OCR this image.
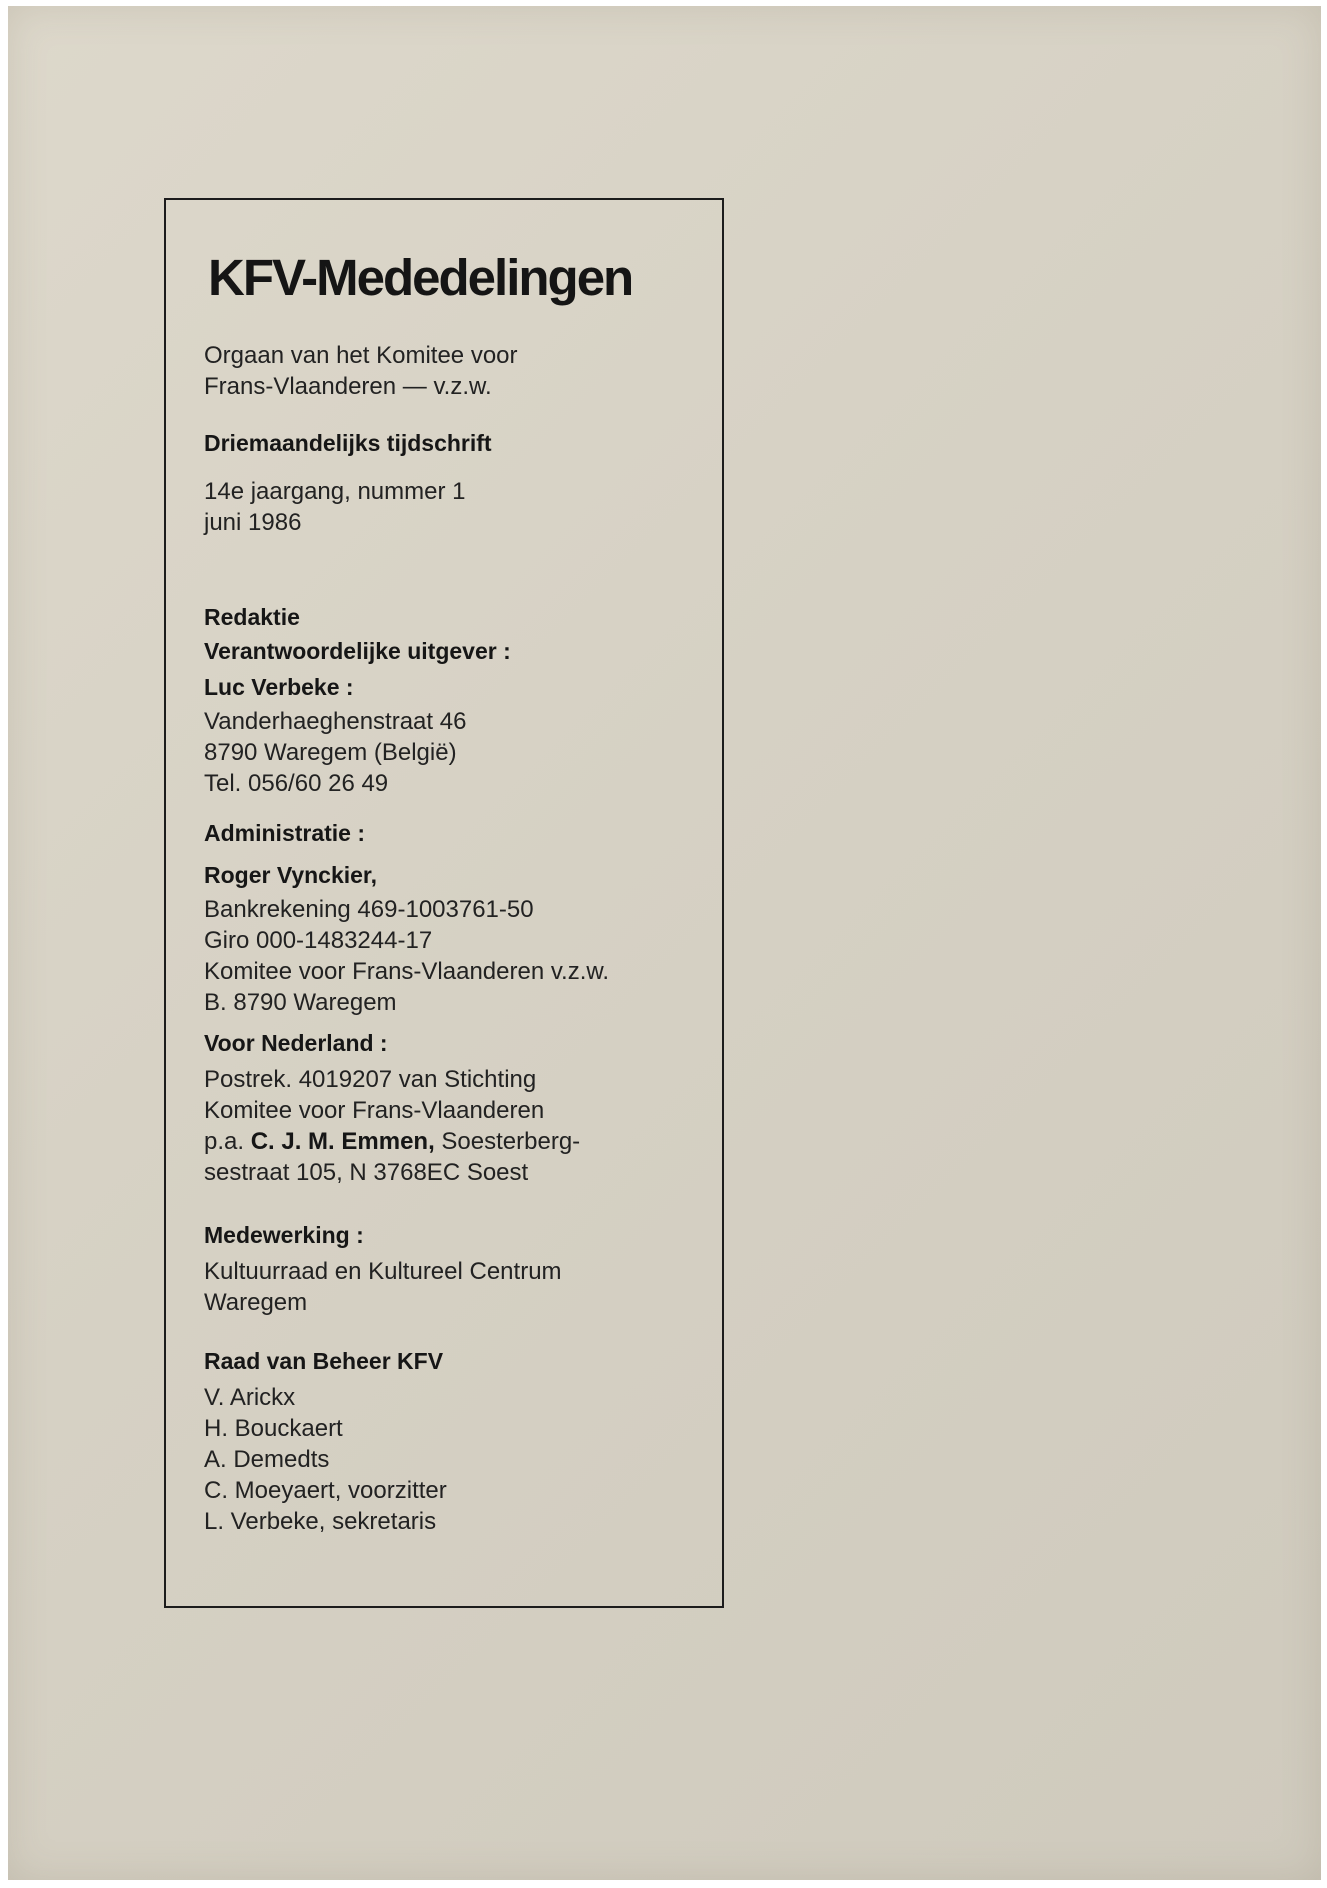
KFV-Mededelingen
Orgaan van het Komitee voor
Frans-Vlaanderen — v.z.w.
Driemaandelijks tijdschrift
14e jaargang, nummer 1
juni 1986
Redaktie
Verantwoordelijke uitgever :
Luc Verbeke :
Vanderhaeghenstraat 46
8790 Waregem (België)
Tel. 056/60 26 49
Administratie :
Roger Vynckier,
Bankrekening 469-1003761-50
Giro 000-1483244-17
Komitee voor Frans-Vlaanderen v.z.w.
B. 8790 Waregem
Voor Nederland :
Postrek. 4019207 van Stichting
Komitee voor Frans-Vlaanderen
p.a. C. J. M. Emmen, Soesterberg-
sestraat 105, N 3768EC Soest
Medewerking :
Kultuurraad en Kultureel Centrum
Waregem
Raad van Beheer KFV
V. Arickx
H. Bouckaert
A. Demedts
C. Moeyaert, voorzitter
L. Verbeke, sekretaris
